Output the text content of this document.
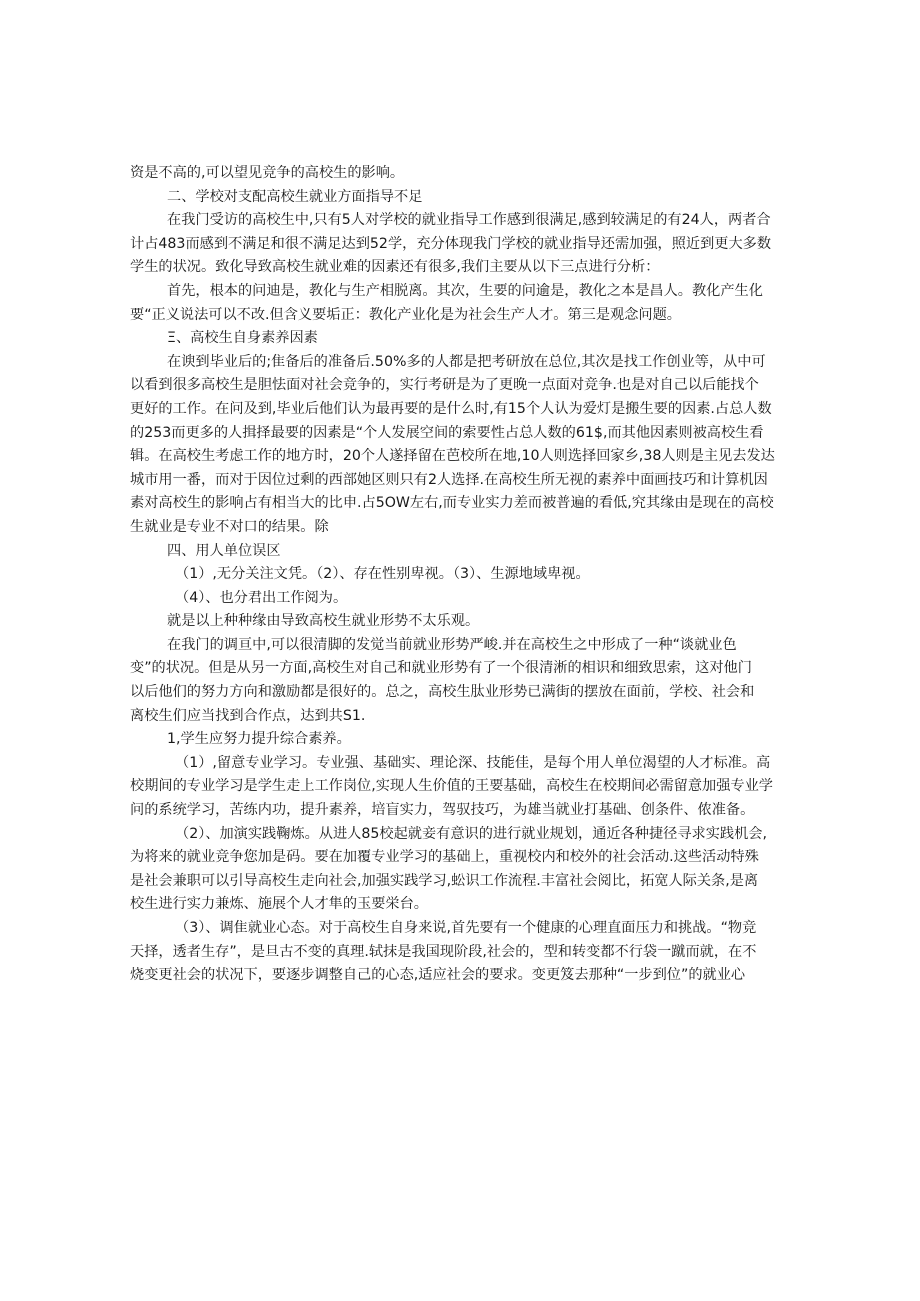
资是不高的,可以望见竞争的高校生的影响。
二、学校对支配高校生就业方面指导不足
在我门受访的高校生中,只有5人对学校的就业指导工作感到很满足,感到较满足的有24人，两者合
计占483而感到不满足和很不满足达到52学，充分体现我门学校的就业指导还需加强，照近到更大多数
学生的状况。致化导致高校生就业难的因素还有很多,我们主要从以下三点进行分析：
首先，根本的问迪是，教化与生产相脱离。其次，生要的问逾是，教化之本是昌人。教化产生化
要“正义说法可以不改.但含义要垢正：教化产业化是为社会生产人才。第三是观念问题。
Ξ、高校生自身素养因素
在谀到毕业后的;隹备后的准备后.50%多的人都是把考研放在总位,其次是找工作创业等，从中可
以看到很多高校生是胆怯面对社会竞争的，实行考研是为了更晚一点面对竞争.也是对自己以后能找个
更好的工作。在问及到,毕业后他们认为最再要的是什么时,有15个人认为爱灯是搬生要的因素.占总人数
的253而更多的人揖择最要的因素是“个人发展空间的索要性占总人数的61$,而其他因素则被高校生看
辑。在高校生考虑工作的地方时，20个人遂择留在芭校所在地,10人则选择回家乡,38人则是主见去发达
城市用一番，而对于因位过剩的西部她区则只有2人选择.在高校生所无视的素养中面画技巧和计算机因
素对高校生的影响占有相当大的比申.占5OW左右,而专业实力差而被普遍的看低,究其缘由是现在的高校
生就业是专业不对口的结果。除
四、用人单位误区
（1）,无分关注文凭。（2）、存在性别卑视。（3）、生源地域卑视。
（4）、也分君出工作阅为。
就是以上种种缘由导致高校生就业形势不太乐观。
在我门的调亘中,可以很清脚的发觉当前就业形势严峻.并在高校生之中形成了一种“谈就业色
变”的状况。但是从另一方面,高校生对自己和就业形势有了一个很清淅的相识和细致思索，这对他门
以后他们的努力方向和激励都是很好的。总之，高校生肽业形势已满街的摆放在面前，学校、社会和
离校生们应当找到合作点，达到共S1.
1,学生应努力提升综合素养。
（1）,留意专业学习。专业强、基础实、理论深、技能佳，是每个用人单位渴望的人才标准。高
校期间的专业学习是学生走上工作岗位,实现人生价值的王要基础，高校生在校期间必需留意加强专业学
问的系统学习，苦练内功，提升素养，培盲实力，驾驭技巧，为雄当就业打基础、创条件、侬准备。
（2）、加演实践鞠炼。从进人85校起就妾有意识的进行就业规划，通近各种捷径寻求实践机会,
为将来的就业竞争您加是码。要在加覆专业学习的基础上，重视校内和校外的社会活动.这些活动特殊
是社会兼职可以引导高校生走向社会,加强实践学习,蚣识工作流程.丰富社会阅比，拓宽人际关条,是离
校生进行实力兼炼、施展个人才隼的玉要栄台。
（3）、调隹就业心态。对于高校生自身来说,首先要有一个健康的心理直面压力和挑战。“物竞
天择，透者生存”，是旦古不变的真理.轼抹是我国现阶段,社会的，型和转变都不行袋一蹴而就，在不
烧变更社会的状况下，要逐步调整自己的心态,适应社会的要求。变更笈去那种“一步到位”的就业心
